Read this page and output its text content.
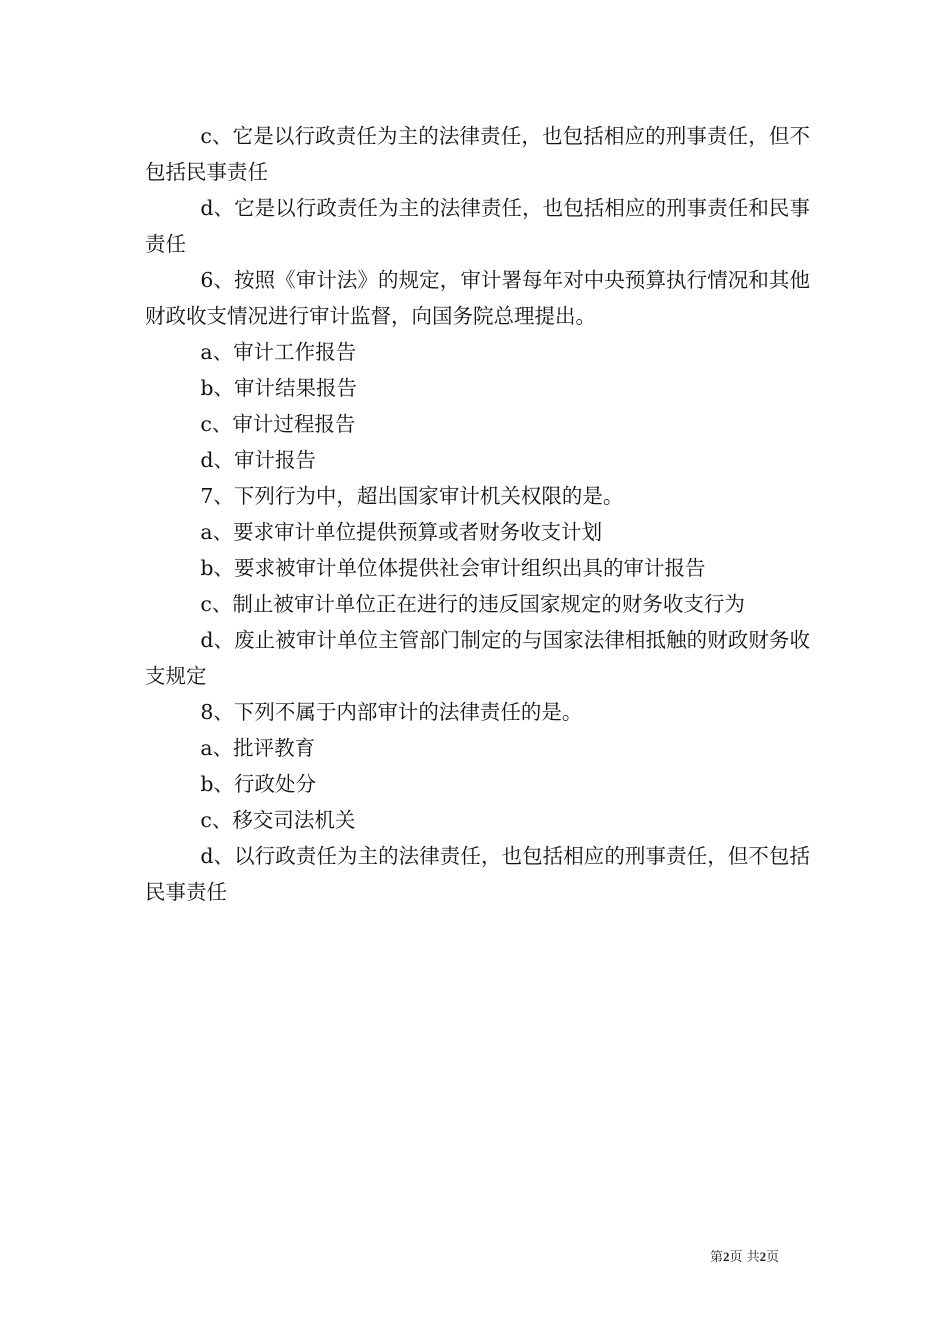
c、它是以行政责任为主的法律责任，也包括相应的刑事责任，但不包括民事责任

d、它是以行政责任为主的法律责任，也包括相应的刑事责任和民事责任

6、按照《审计法》的规定，审计署每年对中央预算执行情况和其他财政收支情况进行审计监督，向国务院总理提出。

a、审计工作报告

b、审计结果报告

c、审计过程报告

d、审计报告

7、下列行为中，超出国家审计机关权限的是。

a、要求审计单位提供预算或者财务收支计划

b、要求被审计单位体提供社会审计组织出具的审计报告

c、制止被审计单位正在进行的违反国家规定的财务收支行为

d、废止被审计单位主管部门制定的与国家法律相抵触的财政财务收支规定

8、下列不属于内部审计的法律责任的是。

a、批评教育

b、行政处分

c、移交司法机关

d、以行政责任为主的法律责任，也包括相应的刑事责任，但不包括民事责任

第2页 共2页
